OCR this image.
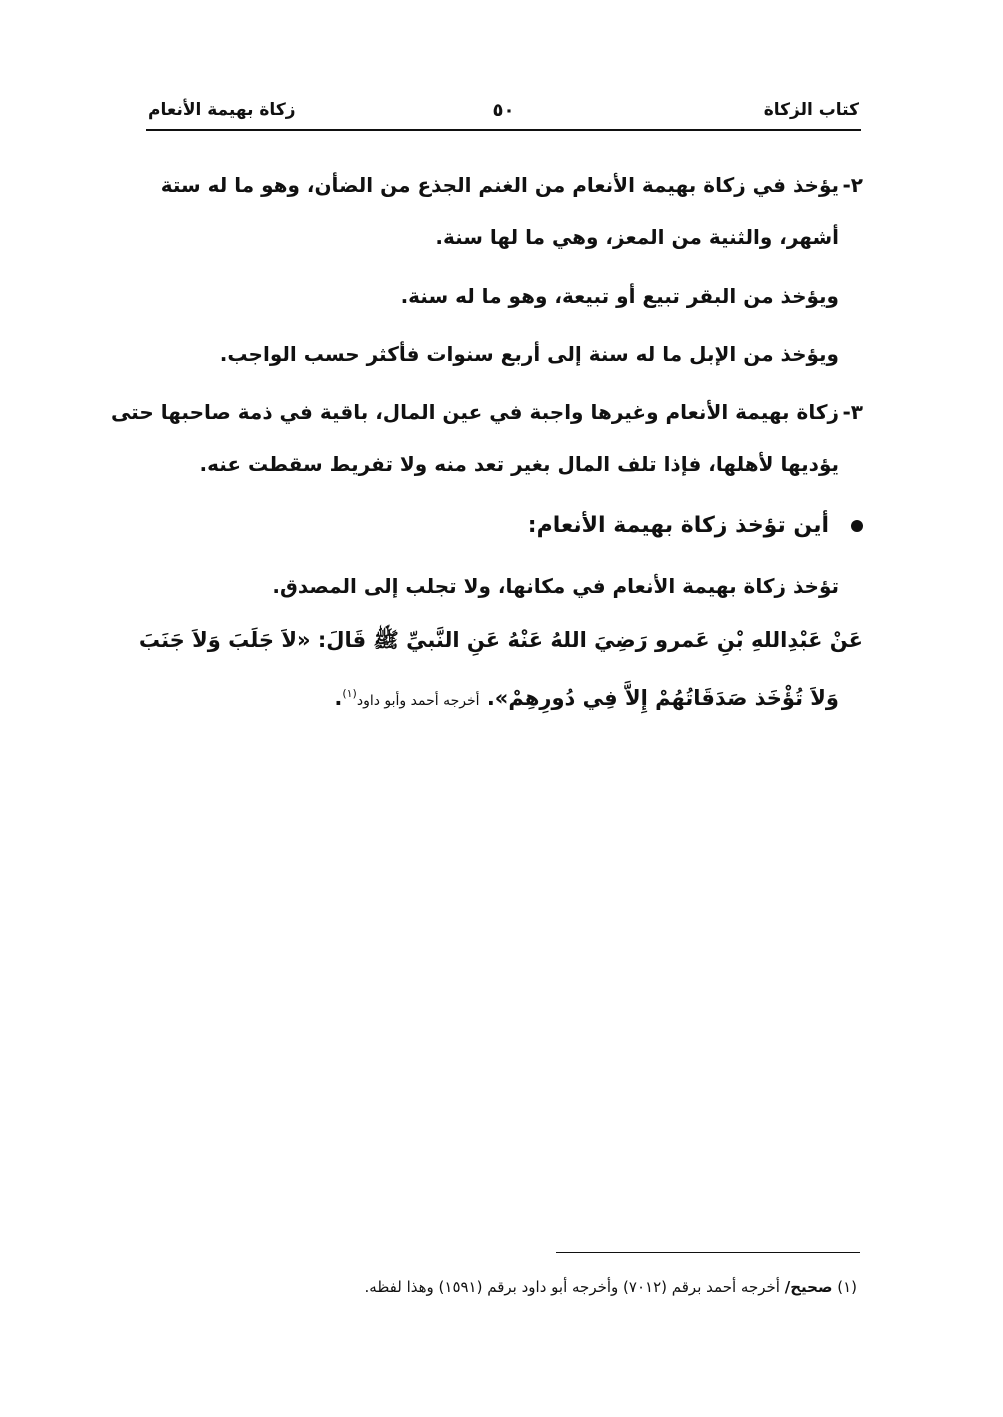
كتاب الزكاة
٥٠
زكاة بهيمة الأنعام
٢-
يؤخذ في زكاة بهيمة الأنعام من الغنم الجذع من الضأن، وهو ما له ستة
أشهر، والثنية من المعز، وهي ما لها سنة.
ويؤخذ من البقر تبيع أو تبيعة، وهو ما له سنة.
ويؤخذ من الإبل ما له سنة إلى أربع سنوات فأكثر حسب الواجب.
٣-
زكاة بهيمة الأنعام وغيرها واجبة في عين المال، باقية في ذمة صاحبها حتى
يؤديها لأهلها، فإذا تلف المال بغير تعد منه ولا تفريط سقطت عنه.
أين تؤخذ زكاة بهيمة الأنعام:
تؤخذ زكاة بهيمة الأنعام في مكانها، ولا تجلب إلى المصدق.
عَنْ عَبْدِاللهِ بْنِ عَمرو رَضِيَ اللهُ عَنْهُ عَنِ النَّبيِّ ﷺ قَالَ: «لاَ جَلَبَ وَلاَ جَنَبَ
وَلاَ تُؤْخَذ صَدَقَاتُهُمْ إِلاَّ فِي دُورِهِمْ». أخرجه أحمد وأبو داود$^{(١)}$.
(١) صحيح/ أخرجه أحمد برقم (٧٠١٢) وأخرجه أبو داود برقم (١٥٩١) وهذا لفظه.
